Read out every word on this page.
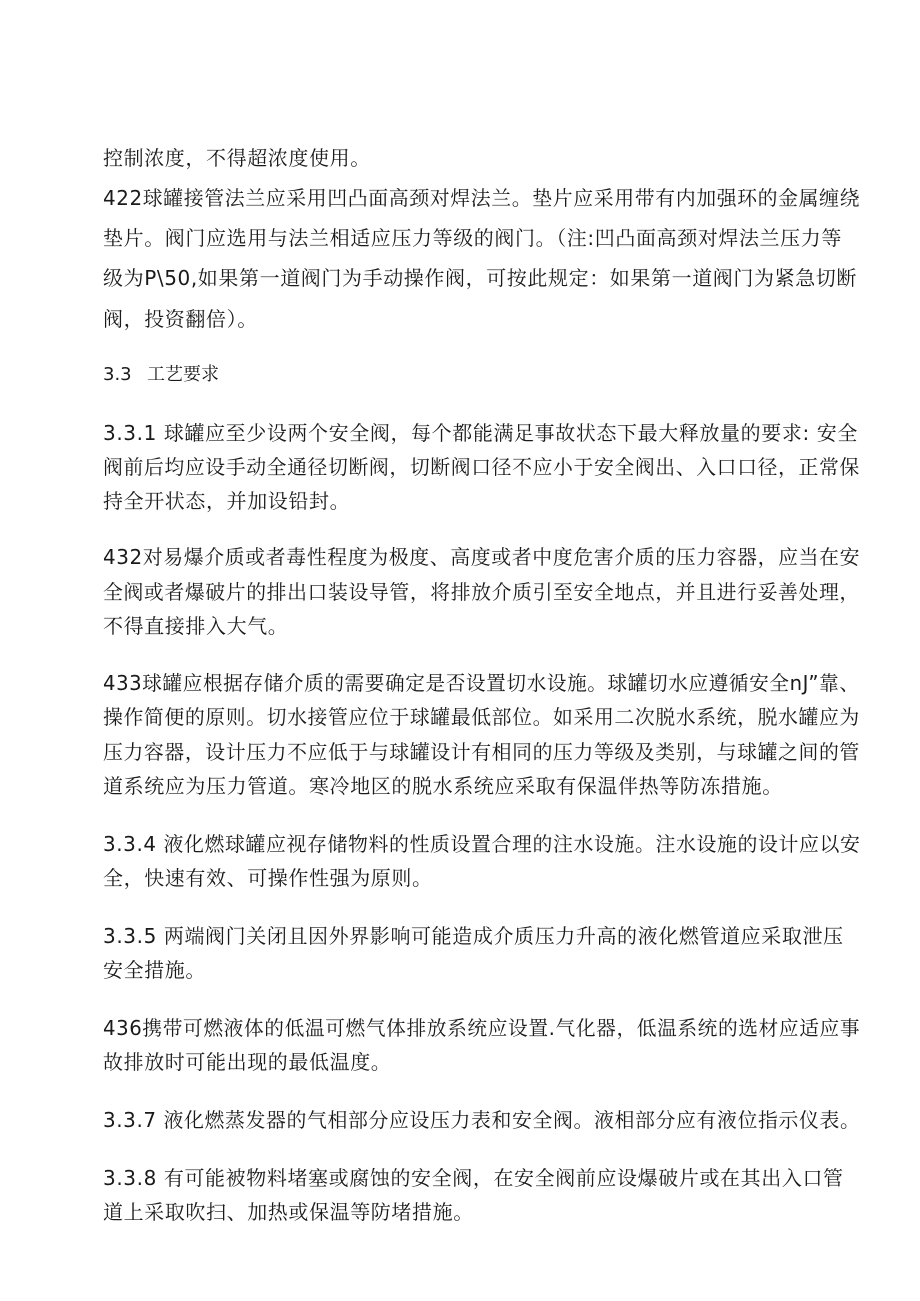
控制浓度，不得超浓度使用。
422球罐接管法兰应采用凹凸面高颈对焊法兰。垫片应采用带有内加强环的金属缠绕
垫片。阀门应选用与法兰相适应压力等级的阀门。（注:凹凸面高颈对焊法兰压力等
级为P\50,如果第一道阀门为手动操作阀，可按此规定：如果第一道阀门为紧急切断
阀，投资翻倍）。
3.3 工艺要求
3.3.1 球罐应至少设两个安全阀，每个都能满足事故状态下最大释放量的要求: 安全
阀前后均应设手动全通径切断阀，切断阀口径不应小于安全阀出、入口口径，正常保
持全开状态，并加设铅封。
432对易爆介质或者毒性程度为极度、高度或者中度危害介质的压力容器，应当在安
全阀或者爆破片的排出口装设导管，将排放介质引至安全地点，并且进行妥善处理，
不得直接排入大气。
433球罐应根据存储介质的需要确定是否设置切水设施。球罐切水应遵循安全nJ”靠、
操作简便的原则。切水接管应位于球罐最低部位。如采用二次脱水系统，脱水罐应为
压力容器，设计压力不应低于与球罐设计有相同的压力等级及类别，与球罐之间的管
道系统应为压力管道。寒冷地区的脱水系统应采取有保温伴热等防冻措施。
3.3.4 液化燃球罐应视存储物料的性质设置合理的注水设施。注水设施的设计应以安
全，快速有效、可操作性强为原则。
3.3.5 两端阀门关闭且因外界影响可能造成介质压力升高的液化燃管道应采取泄压
安全措施。
436携带可燃液体的低温可燃气体排放系统应设置.气化器，低温系统的选材应适应事
故排放时可能出现的最低温度。
3.3.7 液化燃蒸发器的气相部分应设压力表和安全阀。液相部分应有液位指示仪表。
3.3.8 有可能被物料堵塞或腐蚀的安全阀，在安全阀前应设爆破片或在其出入口管
道上采取吹扫、加热或保温等防堵措施。
